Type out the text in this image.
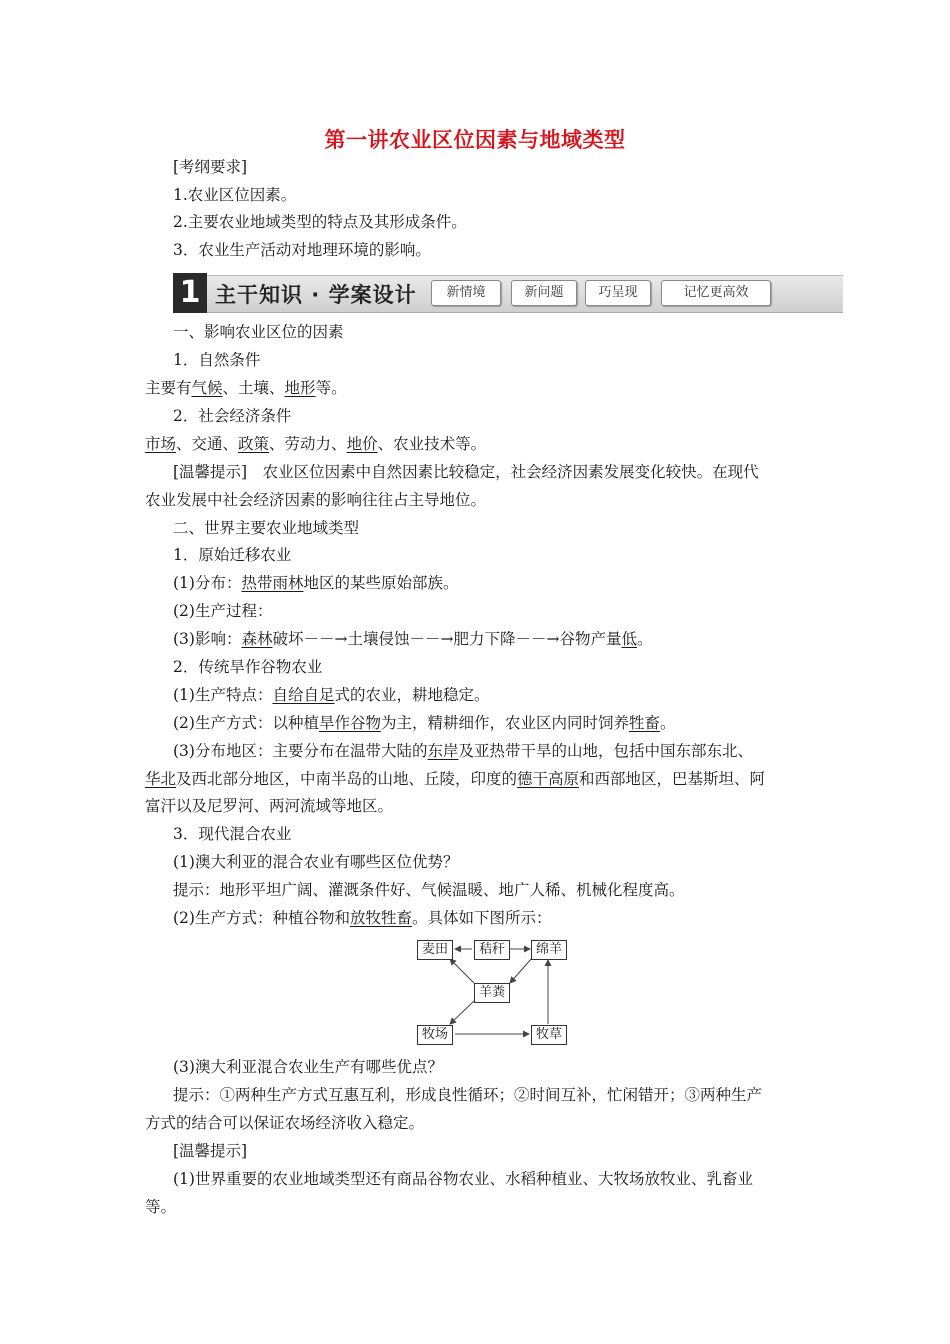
第一讲农业区位因素与地域类型
[考纲要求]
1.农业区位因素。
2.主要农业地域类型的特点及其形成条件。
3．农业生产活动对地理环境的影响。
1 主干知识 · 学案设计	新情境	新问题	巧呈现	记忆更高效
一、影响农业区位的因素
1．自然条件
主要有气候、土壤、地形等。
2．社会经济条件
市场、交通、政策、劳动力、地价、农业技术等。
[温馨提示]　农业区位因素中自然因素比较稳定，社会经济因素发展变化较快。在现代
农业发展中社会经济因素的影响往往占主导地位。
二、世界主要农业地域类型
1．原始迁移农业
(1)分布：热带雨林地区的某些原始部族。
(2)生产过程：
(3)影响：森林破坏－－→土壤侵蚀－－→肥力下降－－→谷物产量低。
2．传统旱作谷物农业
(1)生产特点：自给自足式的农业，耕地稳定。
(2)生产方式：以种植旱作谷物为主，精耕细作，农业区内同时饲养牲畜。
(3)分布地区：主要分布在温带大陆的东岸及亚热带干旱的山地，包括中国东部东北、
华北及西北部分地区，中南半岛的山地、丘陵，印度的德干高原和西部地区，巴基斯坦、阿
富汗以及尼罗河、两河流域等地区。
3．现代混合农业
(1)澳大利亚的混合农业有哪些区位优势？
提示：地形平坦广阔、灌溉条件好、气候温暖、地广人稀、机械化程度高。
(2)生产方式：种植谷物和放牧牲畜。具体如下图所示：
麦田	秸秆	绵羊
羊粪
牧场	牧草
(3)澳大利亚混合农业生产有哪些优点？
提示：①两种生产方式互惠互利，形成良性循环；②时间互补，忙闲错开；③两种生产
方式的结合可以保证农场经济收入稳定。
[温馨提示]
(1)世界重要的农业地域类型还有商品谷物农业、水稻种植业、大牧场放牧业、乳畜业
等。
